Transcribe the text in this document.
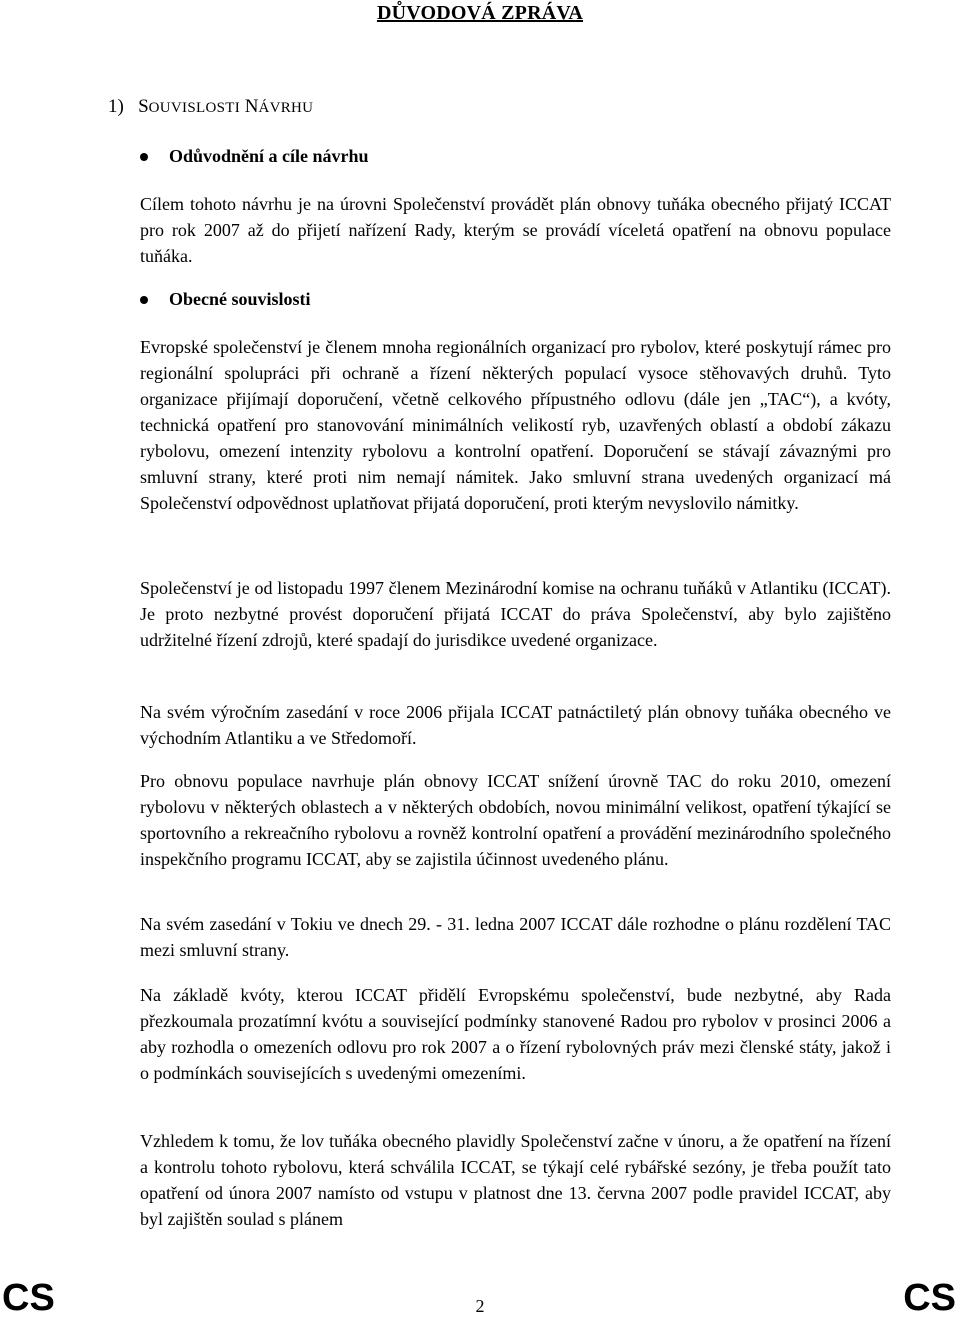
DŮVODOVÁ ZPRÁVA
1) SOUVISLOSTI NÁVRHU
Odůvodnění a cíle návrhu

Cílem tohoto návrhu je na úrovni Společenství provádět plán obnovy tuňáka obecného přijatý ICCAT pro rok 2007 až do přijetí nařízení Rady, kterým se provádí víceletá opatření na obnovu populace tuňáka.

Obecné souvislosti

Evropské společenství je členem mnoha regionálních organizací pro rybolov, které poskytují rámec pro regionální spolupráci při ochraně a řízení některých populací vysoce stěhovavých druhů. Tyto organizace přijímají doporučení, včetně celkového přípustného odlovu (dále jen „TAC“), a kvóty, technická opatření pro stanovování minimálních velikostí ryb, uzavřených oblastí a období zákazu rybolovu, omezení intenzity rybolovu a kontrolní opatření. Doporučení se stávají závaznými pro smluvní strany, které proti nim nemají námitek. Jako smluvní strana uvedených organizací má Společenství odpovědnost uplatňovat přijatá doporučení, proti kterým nevyslovilo námitky.

Společenství je od listopadu 1997 členem Mezinárodní komise na ochranu tuňáků v Atlantiku (ICCAT). Je proto nezbytné provést doporučení přijatá ICCAT do práva Společenství, aby bylo zajištěno udržitelné řízení zdrojů, které spadají do jurisdikce uvedené organizace.

Na svém výročním zasedání v roce 2006 přijala ICCAT patnáctiletý plán obnovy tuňáka obecného ve východním Atlantiku a ve Středomoří.

Pro obnovu populace navrhuje plán obnovy ICCAT snížení úrovně TAC do roku 2010, omezení rybolovu v některých oblastech a v některých obdobích, novou minimální velikost, opatření týkající se sportovního a rekreačního rybolovu a rovněž kontrolní opatření a provádění mezinárodního společného inspekčního programu ICCAT, aby se zajistila účinnost uvedeného plánu.

Na svém zasedání v Tokiu ve dnech 29. - 31. ledna 2007 ICCAT dále rozhodne o plánu rozdělení TAC mezi smluvní strany.

Na základě kvóty, kterou ICCAT přidělí Evropskému společenství, bude nezbytné, aby Rada přezkoumala prozatímní kvótu a související podmínky stanovené Radou pro rybolov v prosinci 2006 a aby rozhodla o omezeních odlovu pro rok 2007 a o řízení rybolovných práv mezi členské státy, jakož i o podmínkách souvisejících s uvedenými omezeními.

Vzhledem k tomu, že lov tuňáka obecného plavidly Společenství začne v únoru, a že opatření na řízení a kontrolu tohoto rybolovu, která schválila ICCAT, se týkají celé rybářské sezóny, je třeba použít tato opatření od února 2007 namísto od vstupu v platnost dne 13. června 2007 podle pravidel ICCAT, aby byl zajištěn soulad s plánem

CS	2	CS
